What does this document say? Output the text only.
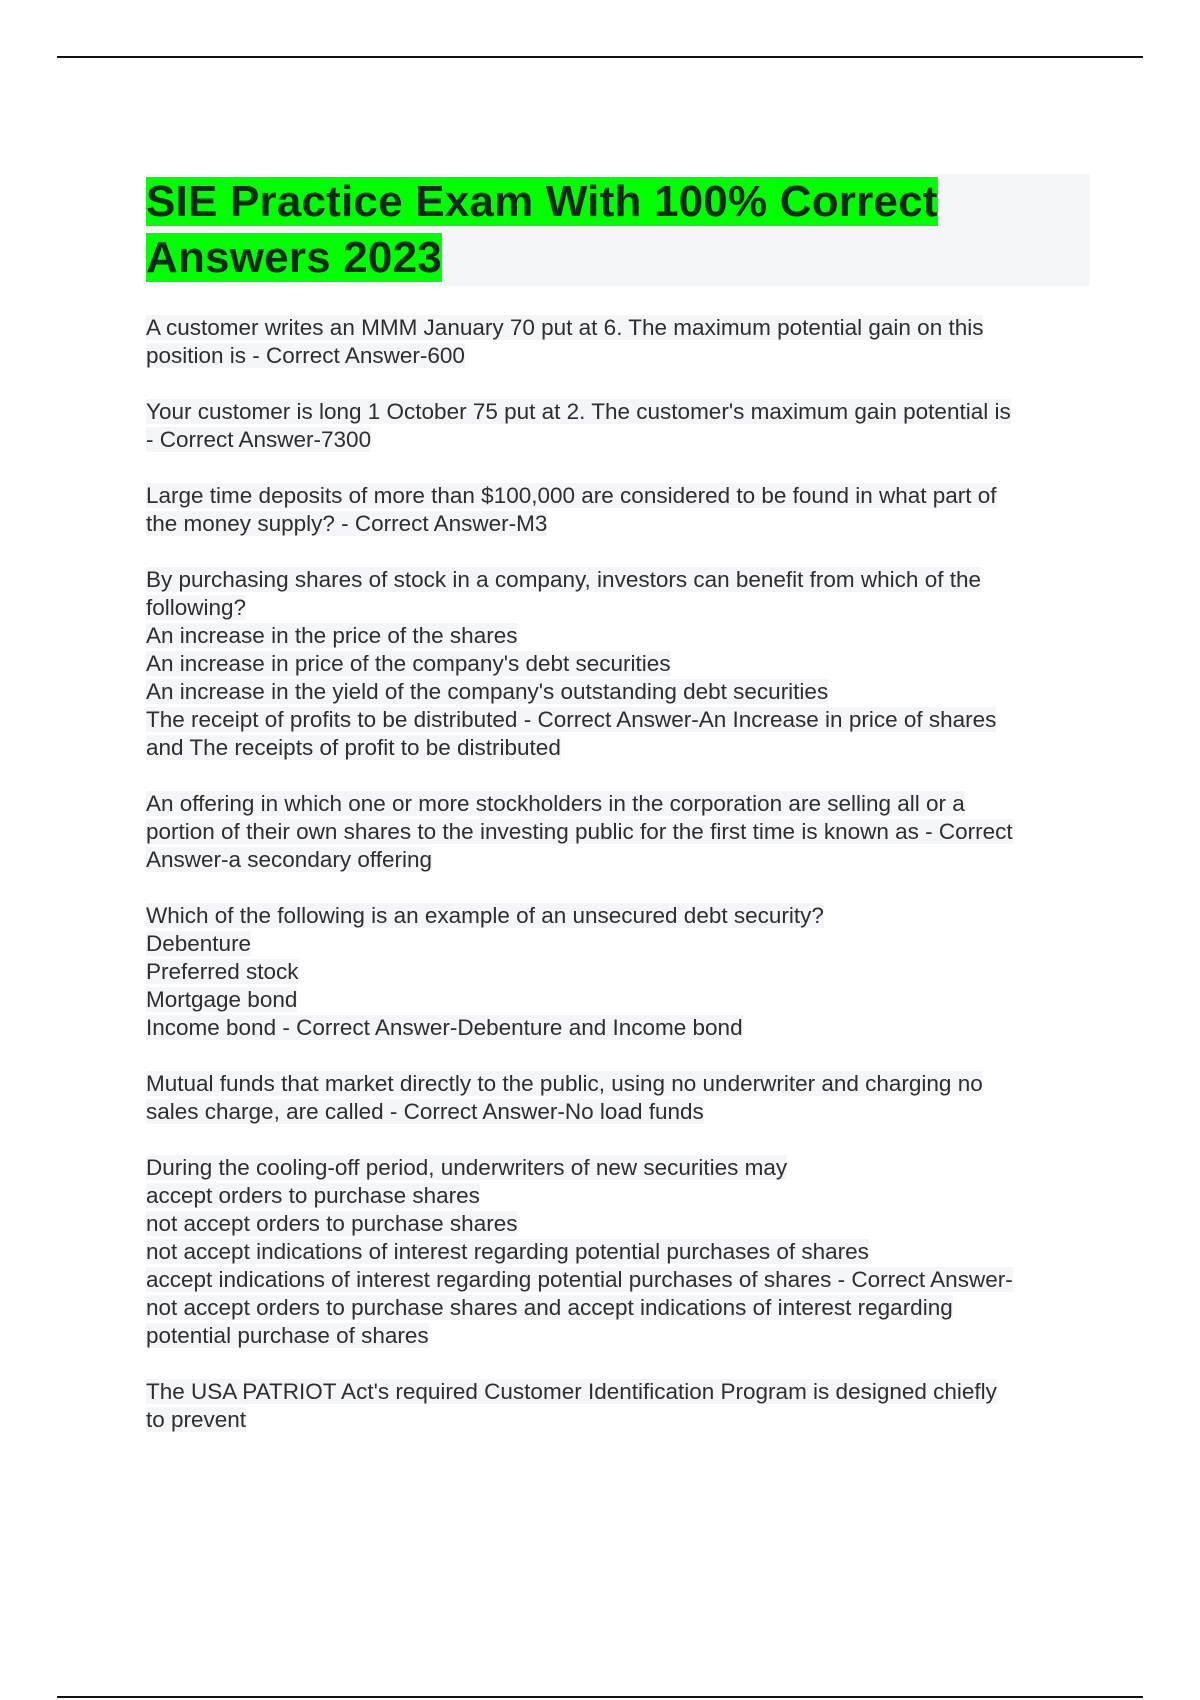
SIE Practice Exam With 100% Correct
Answers 2023
A customer writes an MMM January 70 put at 6. The maximum potential gain on this
position is - Correct Answer-600
Your customer is long 1 October 75 put at 2. The customer's maximum gain potential is
- Correct Answer-7300
Large time deposits of more than $100,000 are considered to be found in what part of
the money supply? - Correct Answer-M3
By purchasing shares of stock in a company, investors can benefit from which of the
following?
An increase in the price of the shares
An increase in price of the company's debt securities
An increase in the yield of the company's outstanding debt securities
The receipt of profits to be distributed - Correct Answer-An Increase in price of shares
and The receipts of profit to be distributed
An offering in which one or more stockholders in the corporation are selling all or a
portion of their own shares to the investing public for the first time is known as - Correct
Answer-a secondary offering
Which of the following is an example of an unsecured debt security?
Debenture
Preferred stock
Mortgage bond
Income bond - Correct Answer-Debenture and Income bond
Mutual funds that market directly to the public, using no underwriter and charging no
sales charge, are called - Correct Answer-No load funds
During the cooling-off period, underwriters of new securities may
accept orders to purchase shares
not accept orders to purchase shares
not accept indications of interest regarding potential purchases of shares
accept indications of interest regarding potential purchases of shares - Correct Answer-
not accept orders to purchase shares and accept indications of interest regarding
potential purchase of shares
The USA PATRIOT Act's required Customer Identification Program is designed chiefly
to prevent
